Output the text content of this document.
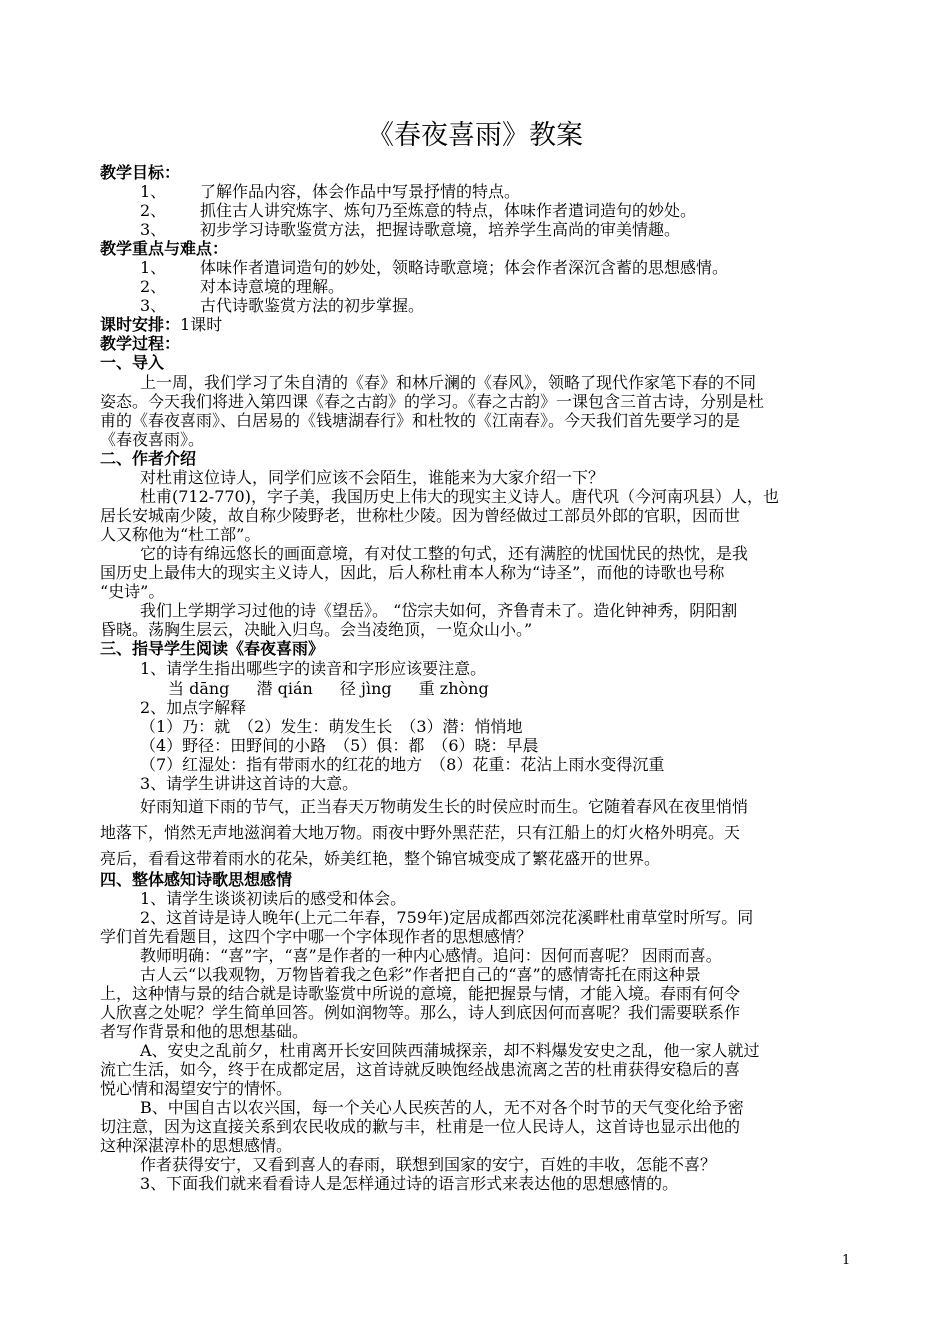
《春夜喜雨》教案
教学目标：
1、 了解作品内容，体会作品中写景抒情的特点。
2、 抓住古人讲究炼字、炼句乃至炼意的特点，体味作者遣词造句的妙处。
3、 初步学习诗歌鉴赏方法，把握诗歌意境，培养学生高尚的审美情趣。
教学重点与难点：
1、 体味作者遣词造句的妙处，领略诗歌意境；体会作者深沉含蓄的思想感情。
2、 对本诗意境的理解。
3、 古代诗歌鉴赏方法的初步掌握。
课时安排：1课时
教学过程：
一、导入
上一周，我们学习了朱自清的《春》和林斤澜的《春风》，领略了现代作家笔下春的不同
姿态。今天我们将进入第四课《春之古韵》的学习。《春之古韵》一课包含三首古诗，分别是杜
甫的《春夜喜雨》、白居易的《钱塘湖春行》和杜牧的《江南春》。今天我们首先要学习的是
《春夜喜雨》。
二、作者介绍
对杜甫这位诗人，同学们应该不会陌生，谁能来为大家介绍一下？
杜甫(712-770)，字子美，我国历史上伟大的现实主义诗人。唐代巩（今河南巩县）人，也
居长安城南少陵，故自称少陵野老，世称杜少陵。因为曾经做过工部员外郎的官职，因而世
人又称他为“杜工部”。
它的诗有绵远悠长的画面意境，有对仗工整的句式，还有满腔的忧国忧民的热忱，是我
国历史上最伟大的现实主义诗人，因此，后人称杜甫本人称为“诗圣”，而他的诗歌也号称
“史诗”。
我们上学期学习过他的诗《望岳》。 “岱宗夫如何，齐鲁青未了。造化钟神秀，阴阳割
昏晓。荡胸生层云，决眦入归鸟。会当凌绝顶，一览众山小。”
三、指导学生阅读《春夜喜雨》
1、请学生指出哪些字的读音和字形应该要注意。
当 dāng 潜 qián 径 jìng 重 zhòng
2、加点字解释
（1）乃：就　（2）发生：萌发生长　（3）潜：悄悄地
（4）野径：田野间的小路　（5）俱：都　（6）晓：早晨
（7）红湿处：指有带雨水的红花的地方　（8）花重：花沾上雨水变得沉重
3、请学生讲讲这首诗的大意。
好雨知道下雨的节气，正当春天万物萌发生长的时侯应时而生。它随着春风在夜里悄悄
地落下，悄然无声地滋润着大地万物。雨夜中野外黑茫茫，只有江船上的灯火格外明亮。天
亮后，看看这带着雨水的花朵，娇美红艳，整个锦官城变成了繁花盛开的世界。
四、整体感知诗歌思想感情
1、请学生谈谈初读后的感受和体会。
2、这首诗是诗人晚年(上元二年春，759年)定居成都西郊浣花溪畔杜甫草堂时所写。同
学们首先看题目，这四个字中哪一个字体现作者的思想感情？
教师明确：“喜”字，“喜”是作者的一种内心感情。追问：因何而喜呢？ 因雨而喜。
古人云“以我观物，万物皆着我之色彩”作者把自己的“喜”的感情寄托在雨这种景
上，这种情与景的结合就是诗歌鉴赏中所说的意境，能把握景与情，才能入境。春雨有何令
人欣喜之处呢？学生简单回答。例如润物等。那么，诗人到底因何而喜呢？我们需要联系作
者写作背景和他的思想基础。
A、安史之乱前夕，杜甫离开长安回陕西蒲城探亲，却不料爆发安史之乱，他一家人就过
流亡生活，如今，终于在成都定居，这首诗就反映饱经战患流离之苦的杜甫获得安稳后的喜
悦心情和渴望安宁的情怀。
B、中国自古以农兴国，每一个关心人民疾苦的人，无不对各个时节的天气变化给予密
切注意，因为这直接关系到农民收成的歉与丰，杜甫是一位人民诗人，这首诗也显示出他的
这种深湛淳朴的思想感情。
作者获得安宁，又看到喜人的春雨，联想到国家的安宁，百姓的丰收，怎能不喜？
3、下面我们就来看看诗人是怎样通过诗的语言形式来表达他的思想感情的。
1
